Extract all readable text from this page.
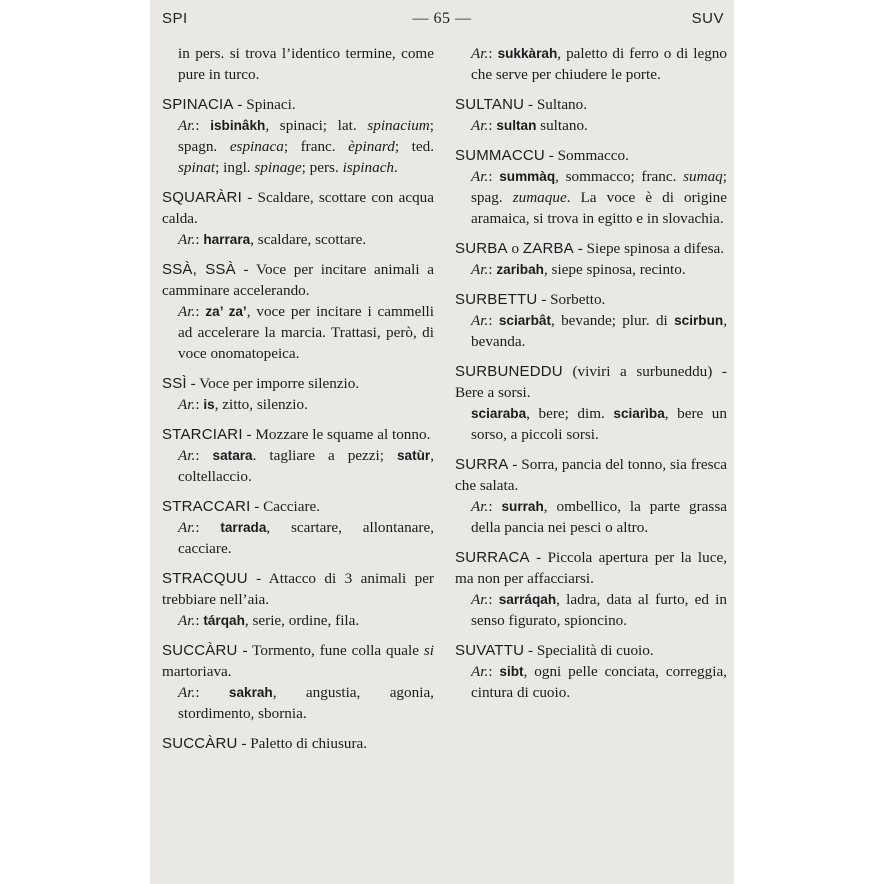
SPI	— 65 —	SUV
in pers. si trova l’identico termine, come pure in turco.
SPINACIA - Spinaci.
Ar.: isbinâkh, spinaci; lat. spinacium; spagn. espinaca; franc. èpinard; ted. spinat; ingl. spinage; pers. ispinach.
SQUARÀRI - Scaldare, scottare con acqua calda.
Ar.: harrara, scaldare, scottare.
SSÀ, SSÀ - Voce per incitare animali a camminare accelerando.
Ar.: za’ za’, voce per incitare i cammelli ad accelerare la marcia. Trattasi, però, di voce onomatopeica.
SSÌ - Voce per imporre silenzio.
Ar.: is, zitto, silenzio.
STARCIARI - Mozzare le squame al tonno.
Ar.: satara. tagliare a pezzi; satùr, coltellaccio.
STRACCARI - Cacciare.
Ar.: tarrada, scartare, allontanare, cacciare.
STRACQUU - Attacco di 3 animali per trebbiare nell’aia.
Ar.: tárqah, serie, ordine, fila.
SUCCÀRU - Tormento, fune colla quale si martoriava.
Ar.: sakrah, angustia, agonia, stordimento, sbornia.
SUCCÀRU - Paletto di chiusura.
Ar.: sukkàrah, paletto di ferro o di legno che serve per chiudere le porte.
SULTANU - Sultano.
Ar.: sultan sultano.
SUMMACCU - Sommacco.
Ar.: summàq, sommacco; franc. sumaq; spag. zumaque. La voce è di origine aramaica, si trova in egitto e in slovachia.
SURBA o ZARBA - Siepe spinosa a difesa.
Ar.: zaribah, siepe spinosa, recinto.
SURBETTU - Sorbetto.
Ar.: sciarbât, bevande; plur. di scirbun, bevanda.
SURBUNEDDU (viviri a surbuneddu) - Bere a sorsi.
sciaraba, bere; dim. sciarìba, bere un sorso, a piccoli sorsi.
SURRA - Sorra, pancia del tonno, sia fresca che salata.
Ar.: surrah, ombellico, la parte grassa della pancia nei pesci o altro.
SURRACA - Piccola apertura per la luce, ma non per affacciarsi.
Ar.: sarráqah, ladra, data al furto, ed in senso figurato, spioncino.
SUVATTU - Specialità di cuoio.
Ar.: sibt, ogni pelle conciata, correggia, cintura di cuoio.
